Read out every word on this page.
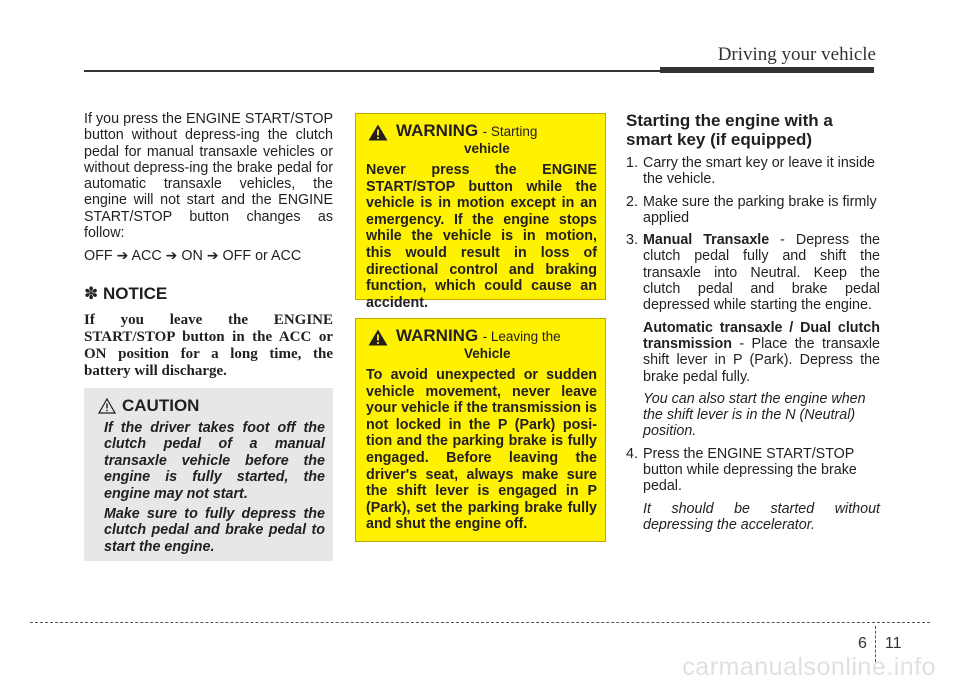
Driving your vehicle

If you press the ENGINE START/STOP button without depress-ing the clutch pedal for manual transaxle vehicles or without depress-ing the brake pedal for automatic transaxle vehicles, the engine will not start and the ENGINE START/STOP button changes as follow:

OFF ➔ ACC ➔ ON ➔ OFF or ACC

✽ NOTICE

If you leave the ENGINE START/STOP button in the ACC or ON position for a long time, the battery will discharge.

CAUTION

If the driver takes foot off the clutch pedal of a manual transaxle vehicle before the engine is fully started, the engine may not start.

Make sure to fully depress the clutch pedal and brake pedal to start the engine.

WARNING - Starting
vehicle

Never press the ENGINE START/STOP button while the vehicle is in motion except in an emergency. If the engine stops while the vehicle is in motion, this would result in loss of directional control and braking function, which could cause an accident.

WARNING - Leaving the
Vehicle

To avoid unexpected or sudden vehicle movement, never leave your vehicle if the transmission is not locked in the P (Park) posi-tion and the parking brake is fully engaged. Before leaving the driver's seat, always make sure the shift lever is engaged in P (Park), set the parking brake fully and shut the engine off.

Starting the engine with a smart key (if equipped)
1. Carry the smart key or leave it inside the vehicle.

2. Make sure the parking brake is firmly applied

3. Manual Transaxle - Depress the clutch pedal fully and shift the transaxle into Neutral. Keep the clutch pedal and brake pedal depressed while starting the engine.

Automatic transaxle / Dual clutch transmission - Place the transaxle shift lever in P (Park). Depress the brake pedal fully.

You can also start the engine when the shift lever is in the N (Neutral) position.

4. Press the ENGINE START/STOP button while depressing the brake pedal.

It should be started without depressing the accelerator.

6 11
carmanualsonline.info
